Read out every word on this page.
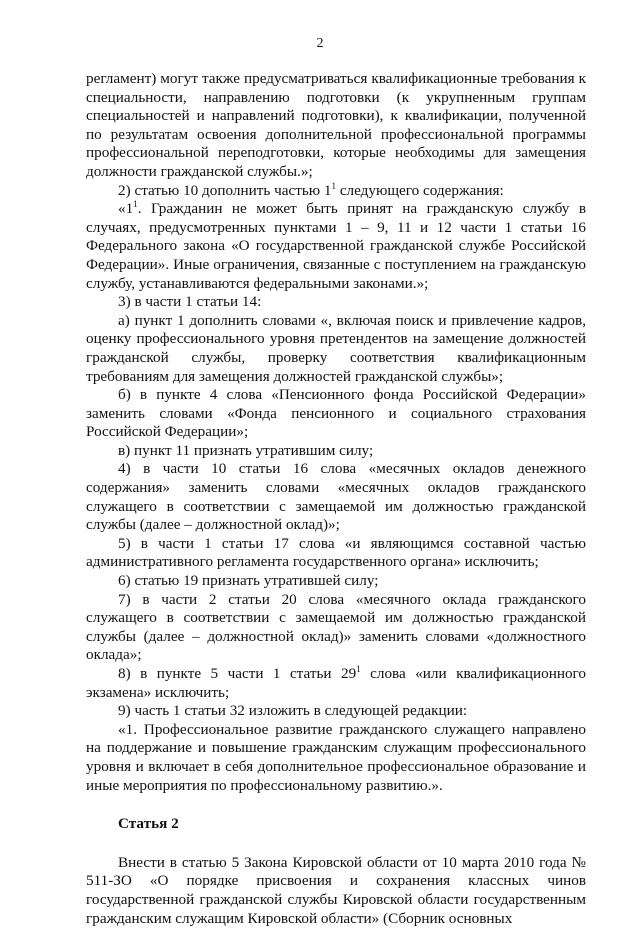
2

регламент) могут также предусматриваться квалификационные требования к специальности, направлению подготовки (к укрупненным группам специальностей и направлений подготовки), к квалификации, полученной по результатам освоения дополнительной профессиональной программы профессиональной переподготовки, которые необходимы для замещения должности гражданской службы.»;

2) статью 10 дополнить частью $1^1$ следующего содержания:

«$1^1$. Гражданин не может быть принят на гражданскую службу в случаях, предусмотренных пунктами 1 – 9, 11 и 12 части 1 статьи 16 Федерального закона «О государственной гражданской службе Российской Федерации». Иные ограничения, связанные с поступлением на гражданскую службу, устанавливаются федеральными законами.»;

3) в части 1 статьи 14:

а) пункт 1 дополнить словами «, включая поиск и привлечение кадров, оценку профессионального уровня претендентов на замещение должностей гражданской службы, проверку соответствия квалификационным требованиям для замещения должностей гражданской службы»;

б) в пункте 4 слова «Пенсионного фонда Российской Федерации» заменить словами «Фонда пенсионного и социального страхования Российской Федерации»;

в) пункт 11 признать утратившим силу;

4) в части 10 статьи 16 слова «месячных окладов денежного содержания» заменить словами «месячных окладов гражданского служащего в соответствии с замещаемой им должностью гражданской службы (далее – должностной оклад)»;

5) в части 1 статьи 17 слова «и являющимся составной частью административного регламента государственного органа» исключить;

6) статью 19 признать утратившей силу;

7) в части 2 статьи 20 слова «месячного оклада гражданского служащего в соответствии с замещаемой им должностью гражданской службы (далее – должностной оклад)» заменить словами «должностного оклада»;

8) в пункте 5 части 1 статьи $29^1$ слова «или квалификационного экзамена» исключить;

9) часть 1 статьи 32 изложить в следующей редакции:

«1. Профессиональное развитие гражданского служащего направлено на поддержание и повышение гражданским служащим профессионального уровня и включает в себя дополнительное профессиональное образование и иные мероприятия по профессиональному развитию.».

Статья 2

Внести в статью 5 Закона Кировской области от 10 марта 2010 года № 511-ЗО «О порядке присвоения и сохранения классных чинов государственной гражданской службы Кировской области государственным гражданским служащим Кировской области» (Сборник основных
